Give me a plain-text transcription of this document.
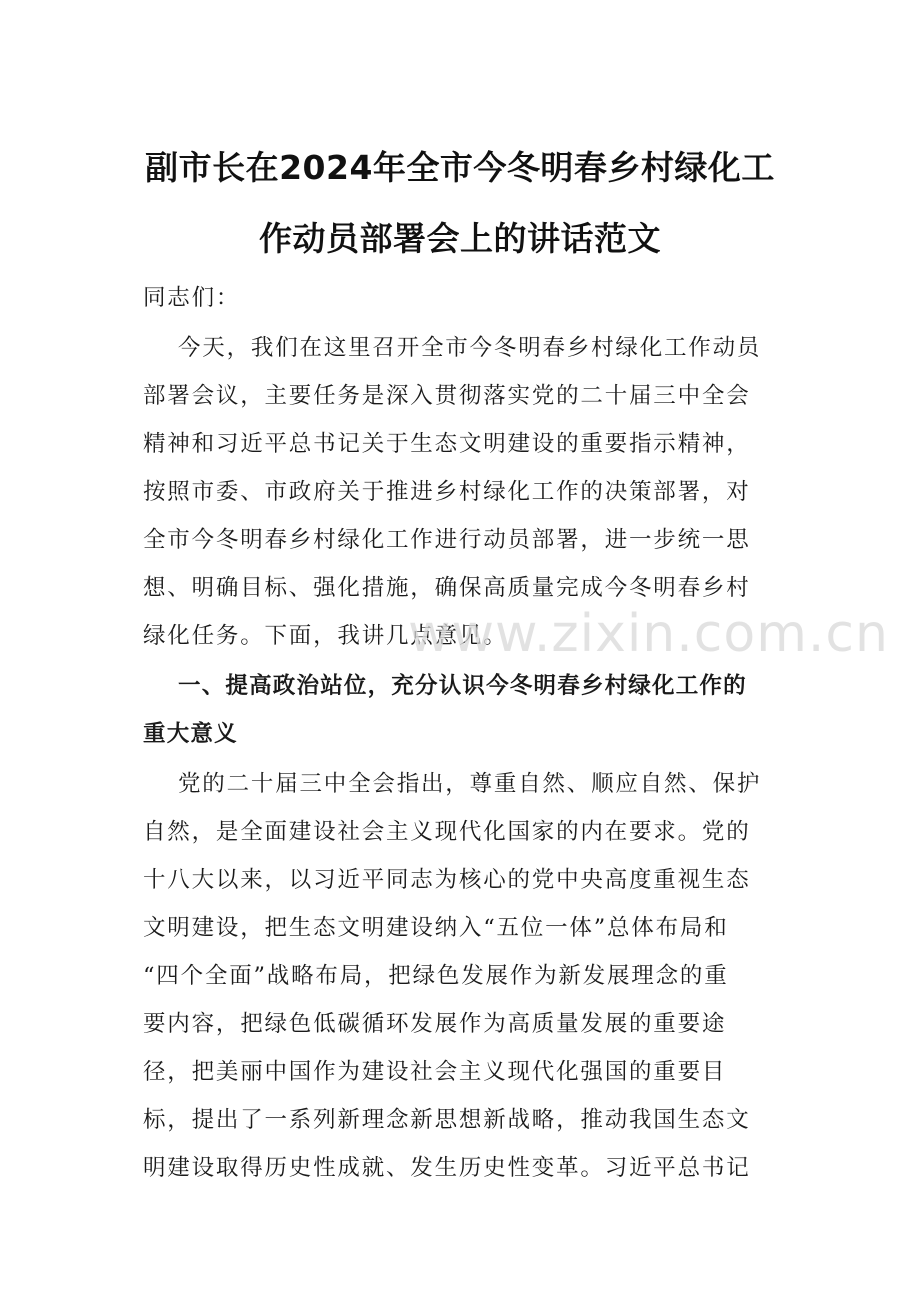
副市长在2024年全市今冬明春乡村绿化工
作动员部署会上的讲话范文

同志们：

今天，我们在这里召开全市今冬明春乡村绿化工作动员

部署会议，主要任务是深入贯彻落实党的二十届三中全会

精神和习近平总书记关于生态文明建设的重要指示精神，

按照市委、市政府关于推进乡村绿化工作的决策部署，对

全市今冬明春乡村绿化工作进行动员部署，进一步统一思

想、明确目标、强化措施，确保高质量完成今冬明春乡村

绿化任务。下面，我讲几点意见。

一、提高政治站位，充分认识今冬明春乡村绿化工作的

重大意义

党的二十届三中全会指出，尊重自然、顺应自然、保护

自然，是全面建设社会主义现代化国家的内在要求。党的

十八大以来，以习近平同志为核心的党中央高度重视生态

文明建设，把生态文明建设纳入“五位一体”总体布局和

“四个全面”战略布局，把绿色发展作为新发展理念的重

要内容，把绿色低碳循环发展作为高质量发展的重要途

径，把美丽中国作为建设社会主义现代化强国的重要目

标，提出了一系列新理念新思想新战略，推动我国生态文

明建设取得历史性成就、发生历史性变革。习近平总书记

www.zixin.com.cn
